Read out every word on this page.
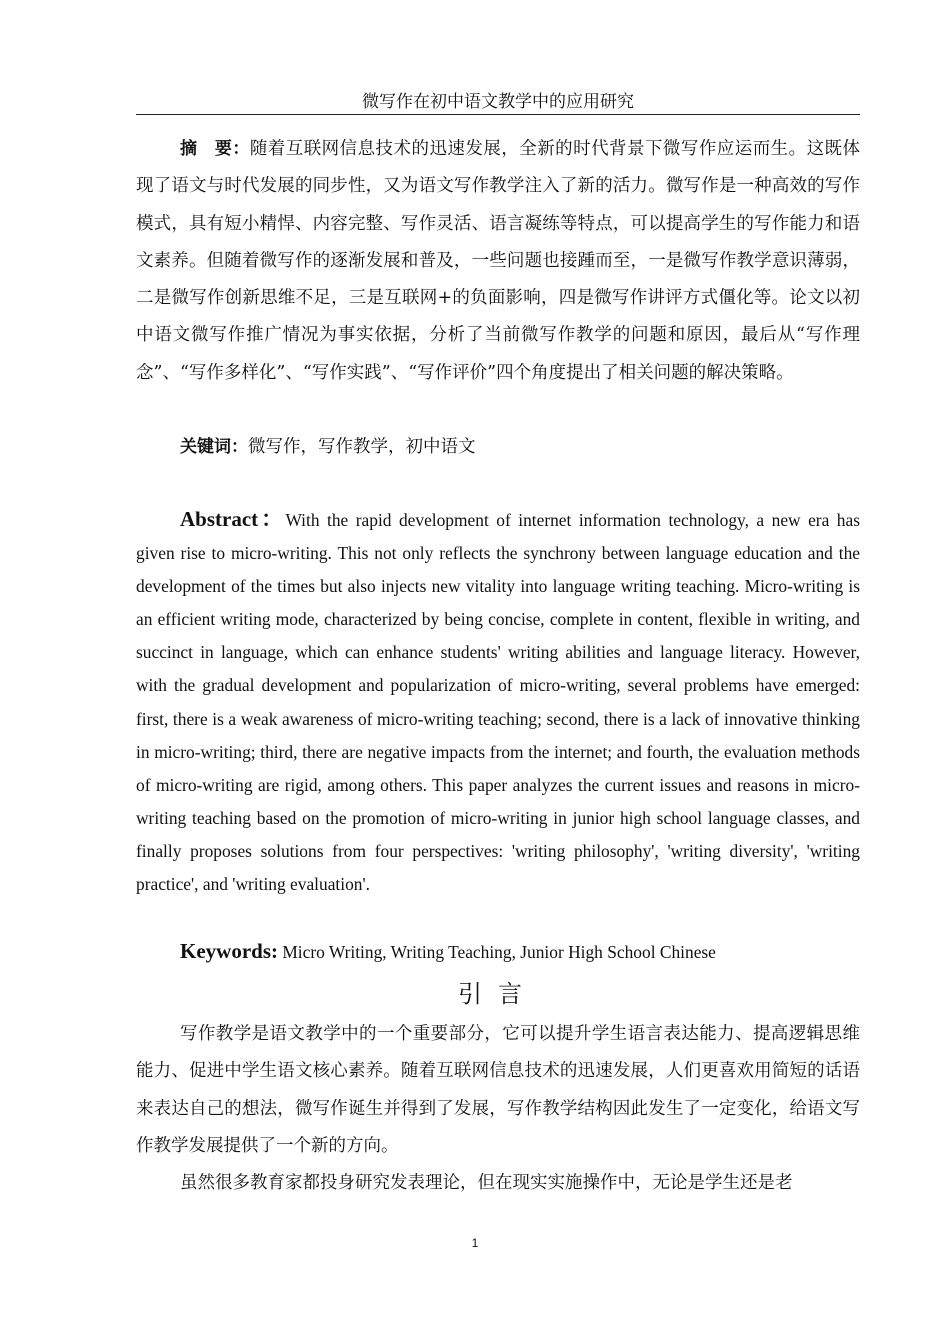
微写作在初中语文教学中的应用研究

摘　要：随着互联网信息技术的迅速发展，全新的时代背景下微写作应运而生。这既体现了语文与时代发展的同步性，又为语文写作教学注入了新的活力。微写作是一种高效的写作模式，具有短小精悍、内容完整、写作灵活、语言凝练等特点，可以提高学生的写作能力和语文素养。但随着微写作的逐渐发展和普及，一些问题也接踵而至，一是微写作教学意识薄弱，二是微写作创新思维不足，三是互联网+的负面影响，四是微写作讲评方式僵化等。论文以初中语文微写作推广情况为事实依据，分析了当前微写作教学的问题和原因，最后从“写作理念”、“写作多样化”、“写作实践”、“写作评价”四个角度提出了相关问题的解决策略。

关键词：微写作，写作教学，初中语文

Abstract：With the rapid development of internet information technology, a new era has given rise to micro-writing. This not only reflects the synchrony between language education and the development of the times but also injects new vitality into language writing teaching. Micro-writing is an efficient writing mode, characterized by being concise, complete in content, flexible in writing, and succinct in language, which can enhance students' writing abilities and language literacy. However, with the gradual development and popularization of micro-writing, several problems have emerged: first, there is a weak awareness of micro-writing teaching; second, there is a lack of innovative thinking in micro-writing; third, there are negative impacts from the internet; and fourth, the evaluation methods of micro-writing are rigid, among others. This paper analyzes the current issues and reasons in micro-writing teaching based on the promotion of micro-writing in junior high school language classes, and finally proposes solutions from four perspectives: 'writing philosophy', 'writing diversity', 'writing practice', and 'writing evaluation'.

Keywords: Micro Writing, Writing Teaching, Junior High School Chinese

引言

写作教学是语文教学中的一个重要部分，它可以提升学生语言表达能力、提高逻辑思维能力、促进中学生语文核心素养。随着互联网信息技术的迅速发展，人们更喜欢用简短的话语来表达自己的想法，微写作诞生并得到了发展，写作教学结构因此发生了一定变化，给语文写作教学发展提供了一个新的方向。

虽然很多教育家都投身研究发表理论，但在现实实施操作中，无论是学生还是老

1
